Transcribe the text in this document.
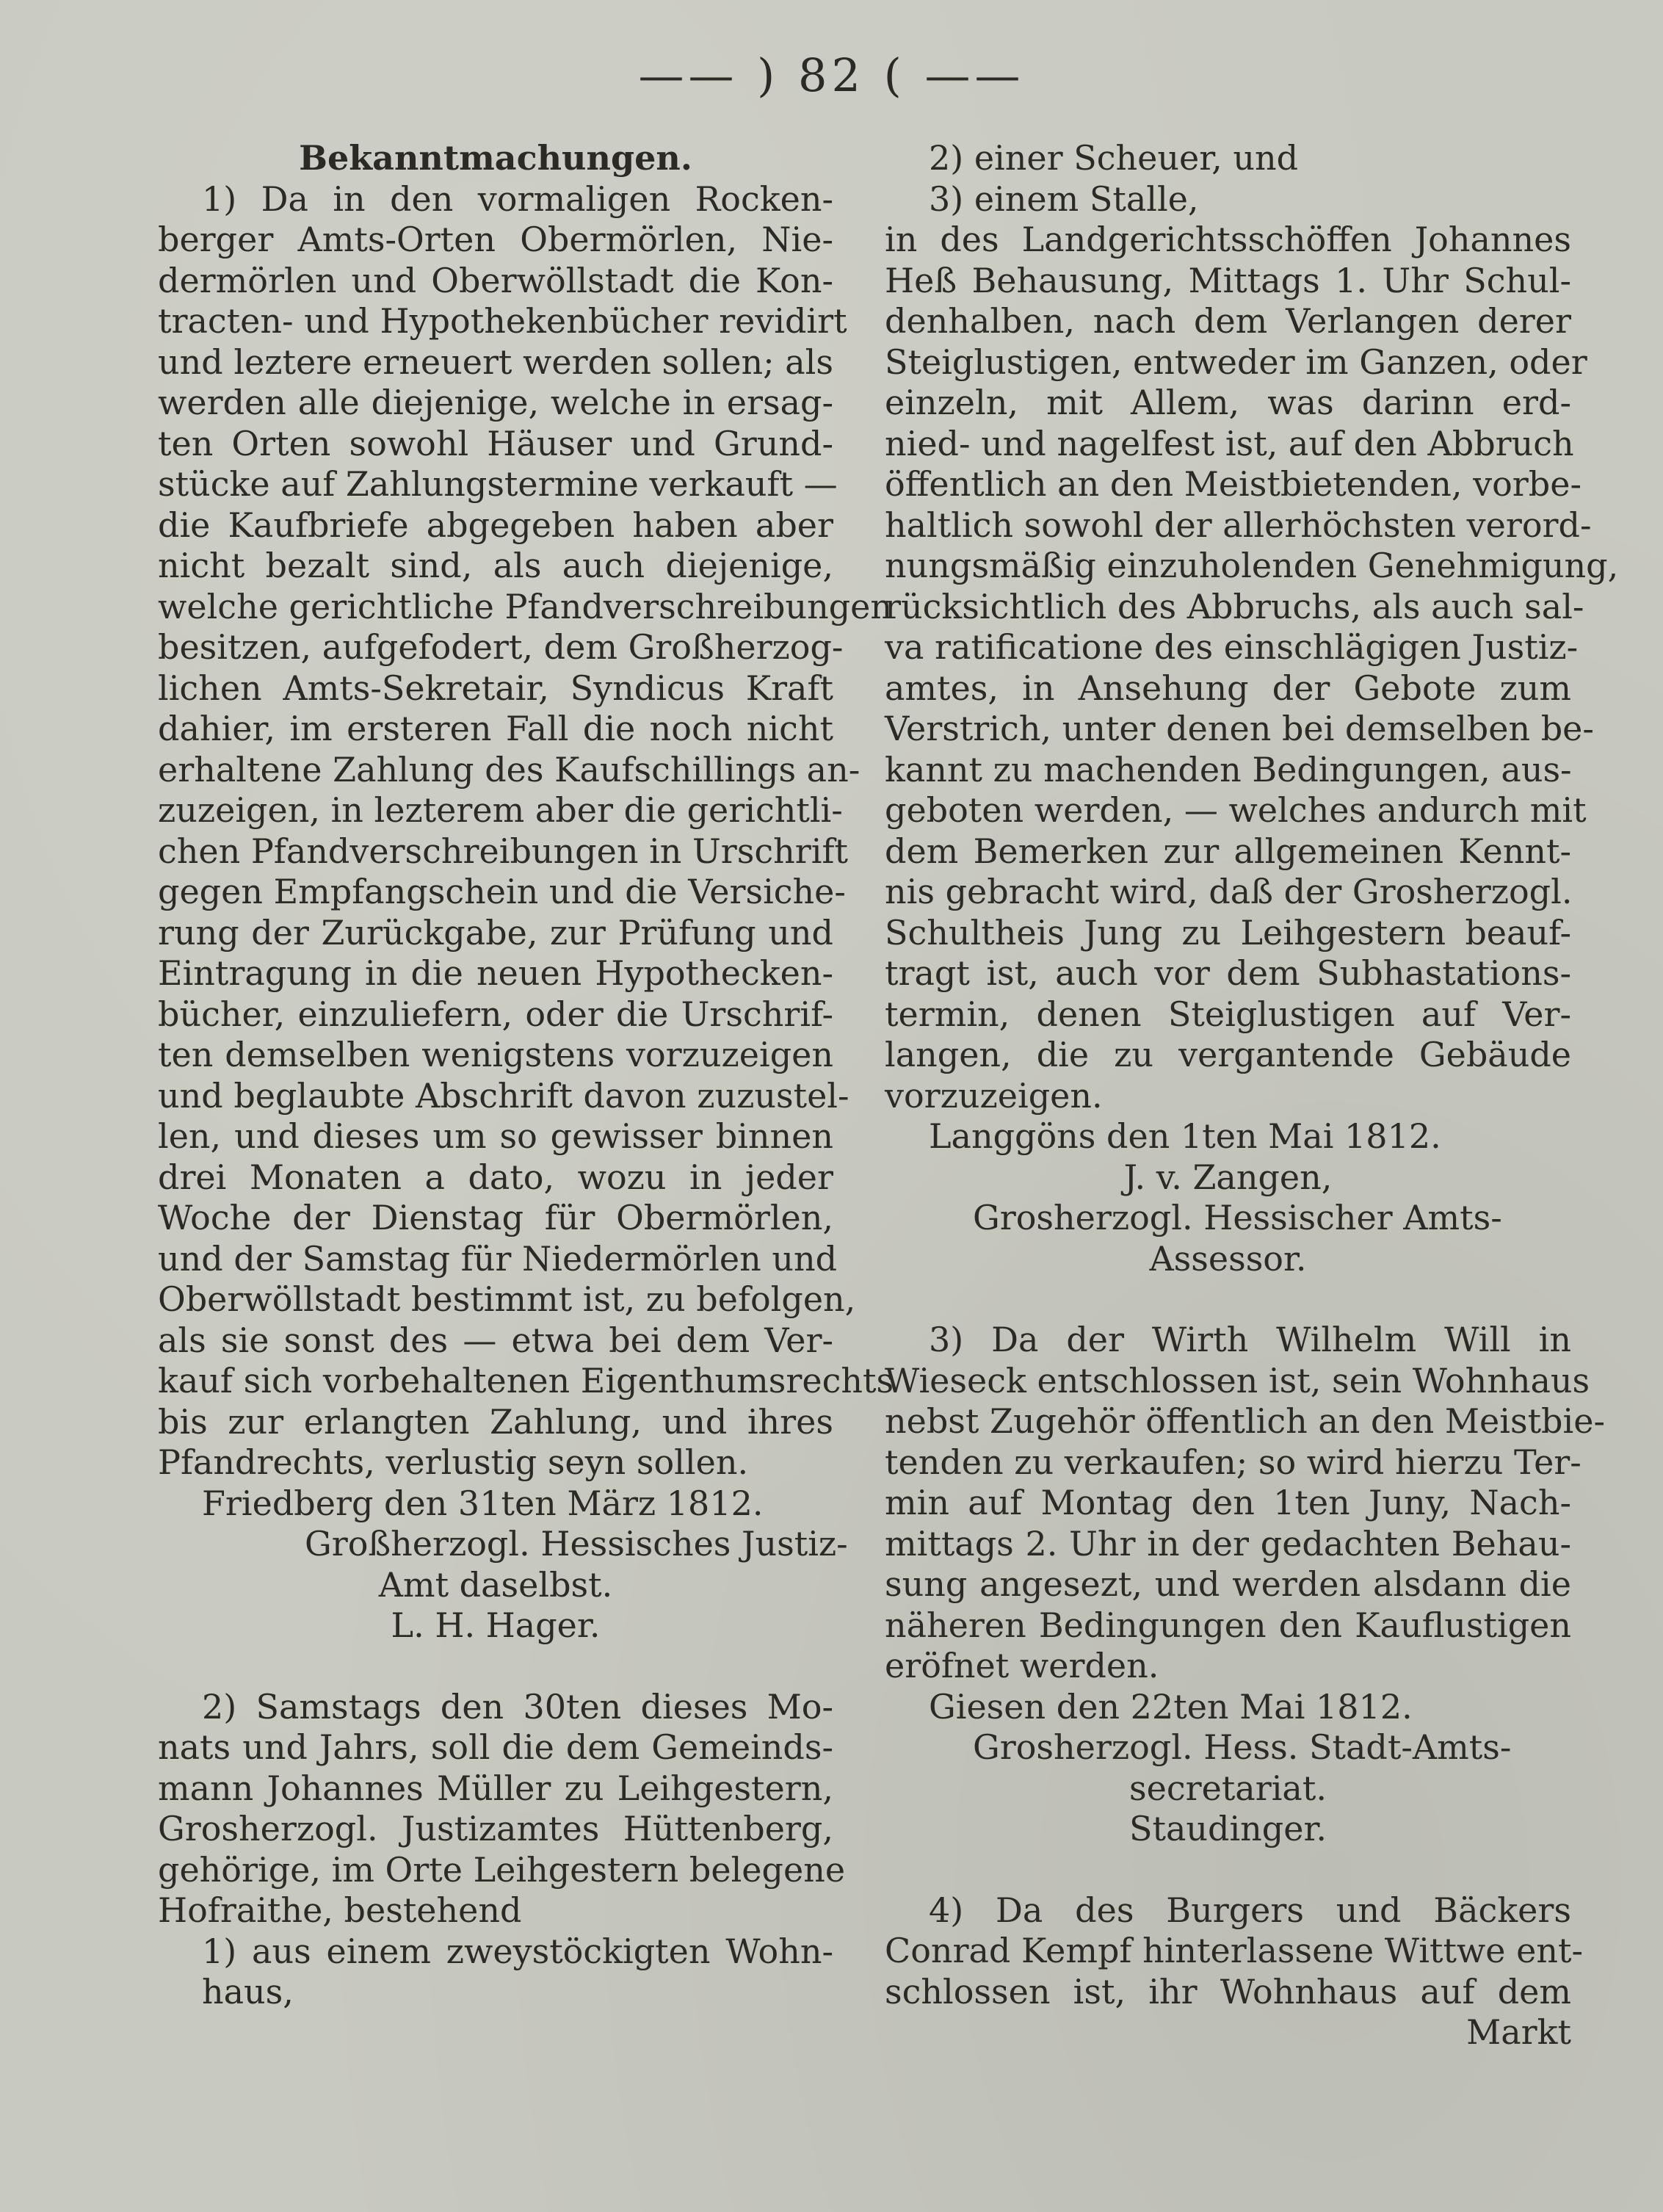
—— ) 82 ( ——
Bekanntmachungen.
1) Da in den vormaligen Rocken-
berger Amts-Orten Obermörlen, Nie-
dermörlen und Oberwöllstadt die Kon-
tracten- und Hypothekenbücher revidirt
und leztere erneuert werden sollen; als
werden alle diejenige, welche in ersag-
ten Orten sowohl Häuser und Grund-
stücke auf Zahlungstermine verkauft —
die Kaufbriefe abgegeben haben aber
nicht bezalt sind, als auch diejenige,
welche gerichtliche Pfandverschreibungen
besitzen, aufgefodert, dem Großherzog-
lichen Amts-Sekretair, Syndicus Kraft
dahier, im ersteren Fall die noch nicht
erhaltene Zahlung des Kaufschillings an-
zuzeigen, in lezterem aber die gerichtli-
chen Pfandverschreibungen in Urschrift
gegen Empfangschein und die Versiche-
rung der Zurückgabe, zur Prüfung und
Eintragung in die neuen Hypothecken-
bücher, einzuliefern, oder die Urschrif-
ten demselben wenigstens vorzuzeigen
und beglaubte Abschrift davon zuzustel-
len, und dieses um so gewisser binnen
drei Monaten a dato, wozu in jeder
Woche der Dienstag für Obermörlen,
und der Samstag für Niedermörlen und
Oberwöllstadt bestimmt ist, zu befolgen,
als sie sonst des — etwa bei dem Ver-
kauf sich vorbehaltenen Eigenthumsrechts
bis zur erlangten Zahlung, und ihres
Pfandrechts, verlustig seyn sollen.
Friedberg den 31ten März 1812.
Großherzogl. Hessisches Justiz-
Amt daselbst.
L. H. Hager.
2) Samstags den 30ten dieses Mo-
nats und Jahrs, soll die dem Gemeinds-
mann Johannes Müller zu Leihgestern,
Grosherzogl. Justizamtes Hüttenberg,
gehörige, im Orte Leihgestern belegene
Hofraithe, bestehend
1) aus einem zweystöckigten Wohn-
haus,
2) einer Scheuer, und
3) einem Stalle,
in des Landgerichtsschöffen Johannes
Heß Behausung, Mittags 1. Uhr Schul-
denhalben, nach dem Verlangen derer
Steiglustigen, entweder im Ganzen, oder
einzeln, mit Allem, was darinn erd-
nied- und nagelfest ist, auf den Abbruch
öffentlich an den Meistbietenden, vorbe-
haltlich sowohl der allerhöchsten verord-
nungsmäßig einzuholenden Genehmigung,
rücksichtlich des Abbruchs, als auch sal-
va ratificatione des einschlägigen Justiz-
amtes, in Ansehung der Gebote zum
Verstrich, unter denen bei demselben be-
kannt zu machenden Bedingungen, aus-
geboten werden, — welches andurch mit
dem Bemerken zur allgemeinen Kennt-
nis gebracht wird, daß der Grosherzogl.
Schultheis Jung zu Leihgestern beauf-
tragt ist, auch vor dem Subhastations-
termin, denen Steiglustigen auf Ver-
langen, die zu vergantende Gebäude
vorzuzeigen.
Langgöns den 1ten Mai 1812.
J. v. Zangen,
Grosherzogl. Hessischer Amts-
Assessor.
3) Da der Wirth Wilhelm Will in
Wieseck entschlossen ist, sein Wohnhaus
nebst Zugehör öffentlich an den Meistbie-
tenden zu verkaufen; so wird hierzu Ter-
min auf Montag den 1ten Juny, Nach-
mittags 2. Uhr in der gedachten Behau-
sung angesezt, und werden alsdann die
näheren Bedingungen den Kauflustigen
eröfnet werden.
Giesen den 22ten Mai 1812.
Grosherzogl. Hess. Stadt-Amts-
secretariat.
Staudinger.
4) Da des Burgers und Bäckers
Conrad Kempf hinterlassene Wittwe ent-
schlossen ist, ihr Wohnhaus auf dem
Markt
